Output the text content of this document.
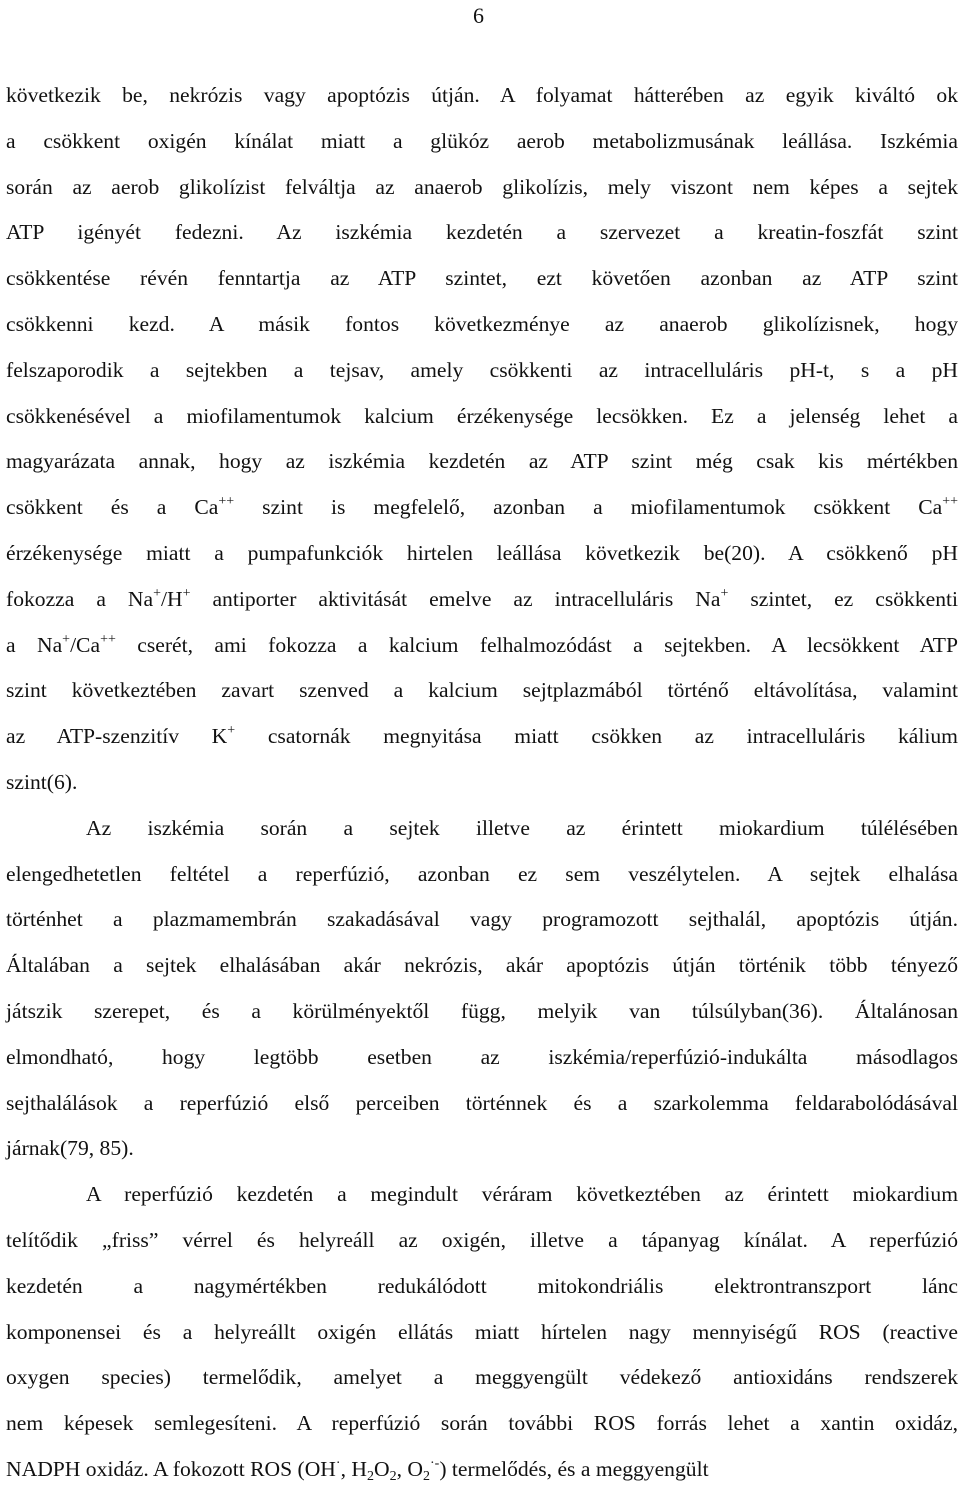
6

következik be, nekrózis vagy apoptózis útján. A folyamat hátterében az egyik kiváltó ok
a csökkent oxigén kínálat miatt a glükóz aerob metabolizmusának leállása. Iszkémia
során az aerob glikolízist felváltja az anaerob glikolízis, mely viszont nem képes a sejtek
ATP igényét fedezni. Az iszkémia kezdetén a szervezet a kreatin-foszfát szint
csökkentése révén fenntartja az ATP szintet, ezt követően azonban az ATP szint
csökkenni kezd. A másik fontos következménye az anaerob glikolízisnek, hogy
felszaporodik a sejtekben a tejsav, amely csökkenti az intracelluláris pH-t, s a pH
csökkenésével a miofilamentumok kalcium érzékenysége lecsökken. Ez a jelenség lehet a
magyarázata annak, hogy az iszkémia kezdetén az ATP szint még csak kis mértékben
csökkent és a Ca++ szint is megfelelő, azonban a miofilamentumok csökkent Ca++
érzékenysége miatt a pumpafunkciók hirtelen leállása következik be(20). A csökkenő pH
fokozza a Na+/H+ antiporter aktivitását emelve az intracelluláris Na+ szintet, ez csökkenti
a Na+/Ca++ cserét, ami fokozza a kalcium felhalmozódást a sejtekben. A lecsökkent ATP
szint következtében zavart szenved a kalcium sejtplazmából történő eltávolítása, valamint
az ATP-szenzitív K+ csatornák megnyitása miatt csökken az intracelluláris kálium
szint(6).

Az iszkémia során a sejtek illetve az érintett miokardium túlélésében
elengedhetetlen feltétel a reperfúzió, azonban ez sem veszélytelen. A sejtek elhalása
történhet a plazmamembrán szakadásával vagy programozott sejthalál, apoptózis útján.
Általában a sejtek elhalásában akár nekrózis, akár apoptózis útján történik több tényező
játszik szerepet, és a körülményektől függ, melyik van túlsúlyban(36). Általánosan
elmondható, hogy legtöbb esetben az iszkémia/reperfúzió-indukálta másodlagos
sejthalálások a reperfúzió első perceiben történnek és a szarkolemma feldarabolódásával
járnak(79, 85).

A reperfúzió kezdetén a megindult véráram következtében az érintett miokardium
telítődik „friss” vérrel és helyreáll az oxigén, illetve a tápanyag kínálat. A reperfúzió
kezdetén a nagymértékben redukálódott mitokondriális elektrontranszport lánc
komponensei és a helyreállt oxigén ellátás miatt hírtelen nagy mennyiségű ROS (reactive
oxygen species) termelődik, amelyet a meggyengült védekező antioxidáns rendszerek
nem képesek semlegesíteni. A reperfúzió során további ROS forrás lehet a xantin oxidáz,
NADPH oxidáz. A fokozott ROS (OH·, $H_2O_2$, $O_2^{\cdot-}$) termelődés, és a meggyengült
